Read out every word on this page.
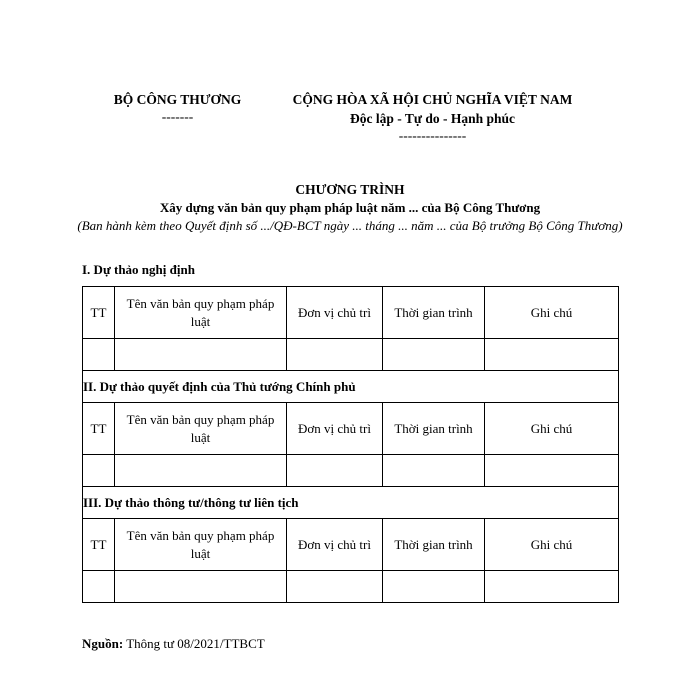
BỘ CÔNG THƯƠNG
-------
CỘNG HÒA XÃ HỘI CHỦ NGHĨA VIỆT NAM
Độc lập - Tự do - Hạnh phúc
---------------
CHƯƠNG TRÌNH
Xây dựng văn bản quy phạm pháp luật năm ... của Bộ Công Thương
(Ban hành kèm theo Quyết định số .../QĐ-BCT ngày ... tháng ... năm ... của Bộ trưởng Bộ Công Thương)
I. Dự thảo nghị định
TT	Tên văn bản quy phạm pháp luật	Đơn vị chủ trì	Thời gian trình	Ghi chú

II. Dự thảo quyết định của Thủ tướng Chính phủ				
TT	Tên văn bản quy phạm pháp luật	Đơn vị chủ trì	Thời gian trình	Ghi chú

III. Dự thảo thông tư/thông tư liên tịch				
TT	Tên văn bản quy phạm pháp luật	Đơn vị chủ trì	Thời gian trình	Ghi chú

Nguồn: Thông tư 08/2021/TTBCT
